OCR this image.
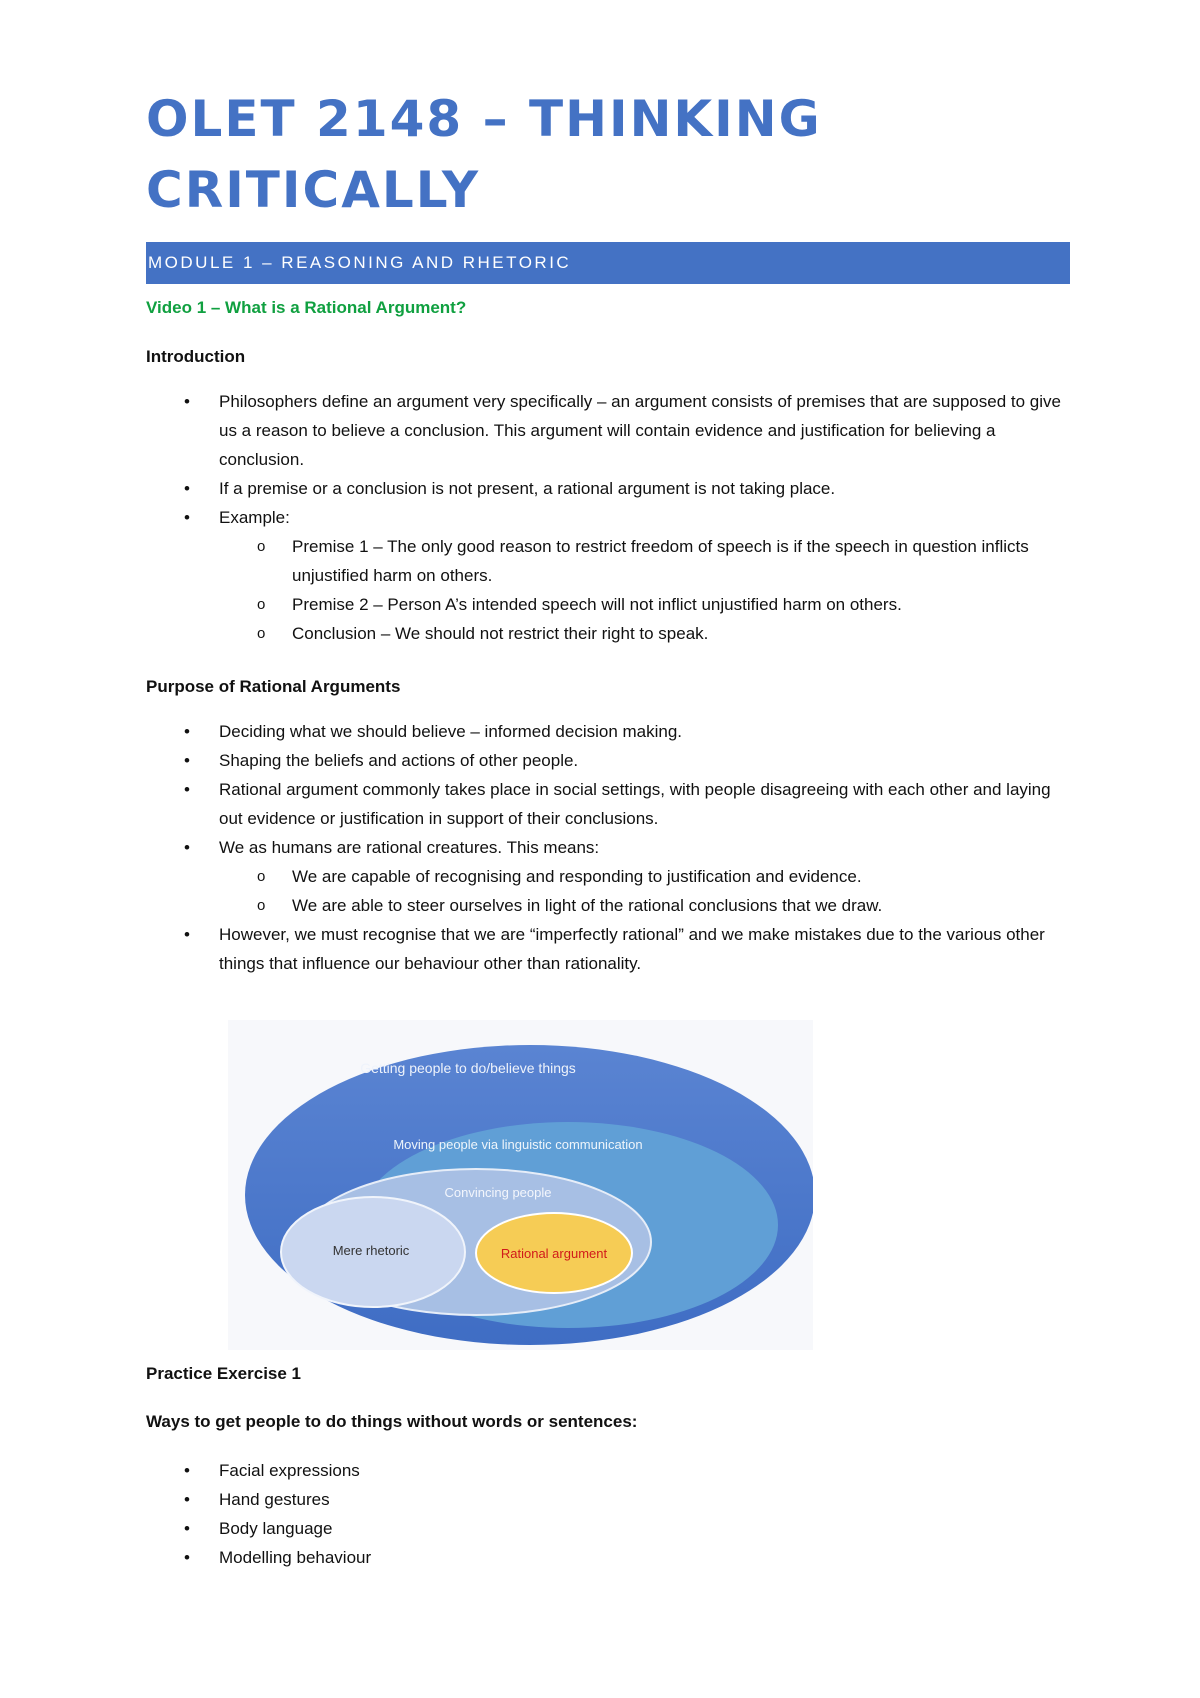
OLET 2148 – THINKING CRITICALLY
MODULE 1 – REASONING AND RHETORIC
Video 1 – What is a Rational Argument?
Introduction
• Philosophers define an argument very specifically – an argument consists of premises that are supposed to give us a reason to believe a conclusion. This argument will contain evidence and justification for believing a conclusion.
• If a premise or a conclusion is not present, a rational argument is not taking place.
• Example:
o Premise 1 – The only good reason to restrict freedom of speech is if the speech in question inflicts unjustified harm on others.
o Premise 2 – Person A’s intended speech will not inflict unjustified harm on others.
o Conclusion – We should not restrict their right to speak.
Purpose of Rational Arguments
• Deciding what we should believe – informed decision making.
• Shaping the beliefs and actions of other people.
• Rational argument commonly takes place in social settings, with people disagreeing with each other and laying out evidence or justification in support of their conclusions.
• We as humans are rational creatures. This means:
o We are capable of recognising and responding to justification and evidence.
o We are able to steer ourselves in light of the rational conclusions that we draw.
• However, we must recognise that we are “imperfectly rational” and we make mistakes due to the various other things that influence our behaviour other than rationality.
Getting people to do/believe things
Moving people via linguistic communication
Convincing people
Mere rhetoric	Rational argument
Practice Exercise 1
Ways to get people to do things without words or sentences:
• Facial expressions
• Hand gestures
• Body language
• Modelling behaviour
